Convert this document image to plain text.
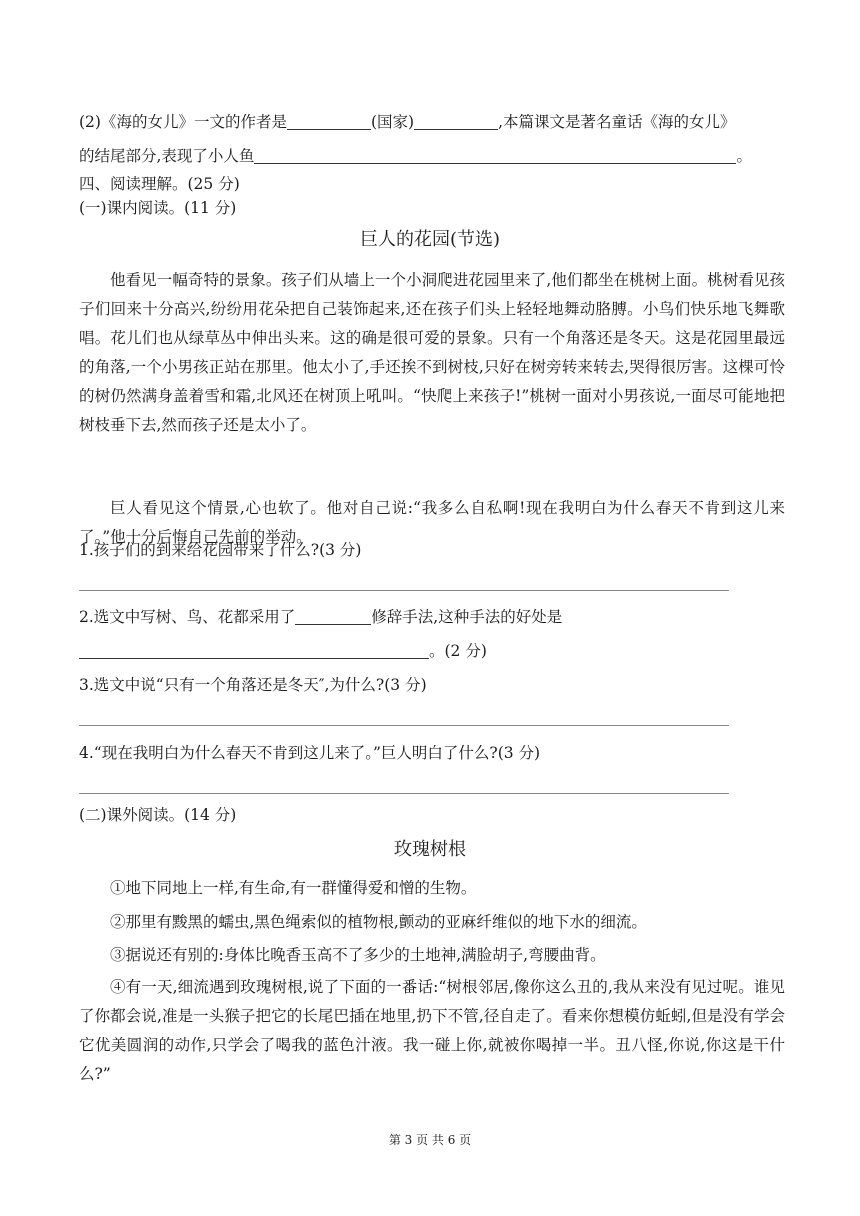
(2)《海的女儿》一文的作者是	(国家)	,本篇课文是著名童话《海的女儿》
的结尾部分,表现了小人鱼	。
四、阅读理解。(25 分)
(一)课内阅读。(11 分)
巨人的花园(节选)
他看见一幅奇特的景象。孩子们从墙上一个小洞爬进花园里来了,他们都坐在桃树上面。桃树看见孩子们回来十分高兴,纷纷用花朵把自己装饰起来,还在孩子们头上轻轻地舞动胳膊。小鸟们快乐地飞舞歌唱。花儿们也从绿草丛中伸出头来。这的确是很可爱的景象。只有一个角落还是冬天。这是花园里最远的角落,一个小男孩正站在那里。他太小了,手还挨不到树枝,只好在树旁转来转去,哭得很厉害。这棵可怜的树仍然满身盖着雪和霜,北风还在树顶上吼叫。“快爬上来孩子!”桃树一面对小男孩说,一面尽可能地把树枝垂下去,然而孩子还是太小了。
巨人看见这个情景,心也软了。他对自己说:“我多么自私啊!现在我明白为什么春天不肯到这儿来了。”他十分后悔自己先前的举动。
1.孩子们的到来给花园带来了什么?(3 分)
2.选文中写树、鸟、花都采用了	修辞手法,这种手法的好处是
。(2 分)
3.选文中说“只有一个角落还是冬天″,为什么?(3 分)
4.“现在我明白为什么春天不肯到这儿来了。”巨人明白了什么?(3 分)
(二)课外阅读。(14 分)
玫瑰树根
①地下同地上一样,有生命,有一群懂得爱和憎的生物。
②那里有黢黑的蠕虫,黑色绳索似的植物根,颤动的亚麻纤维似的地下水的细流。
③据说还有别的:身体比晚香玉高不了多少的土地神,满脸胡子,弯腰曲背。
④有一天,细流遇到玫瑰树根,说了下面的一番话:“树根邻居,像你这么丑的,我从来没有见过呢。谁见了你都会说,准是一头猴子把它的长尾巴插在地里,扔下不管,径自走了。看来你想模仿蚯蚓,但是没有学会它优美圆润的动作,只学会了喝我的蓝色汁液。我一碰上你,就被你喝掉一半。丑八怪,你说,你这是干什么?”
第 3 页 共 6 页
